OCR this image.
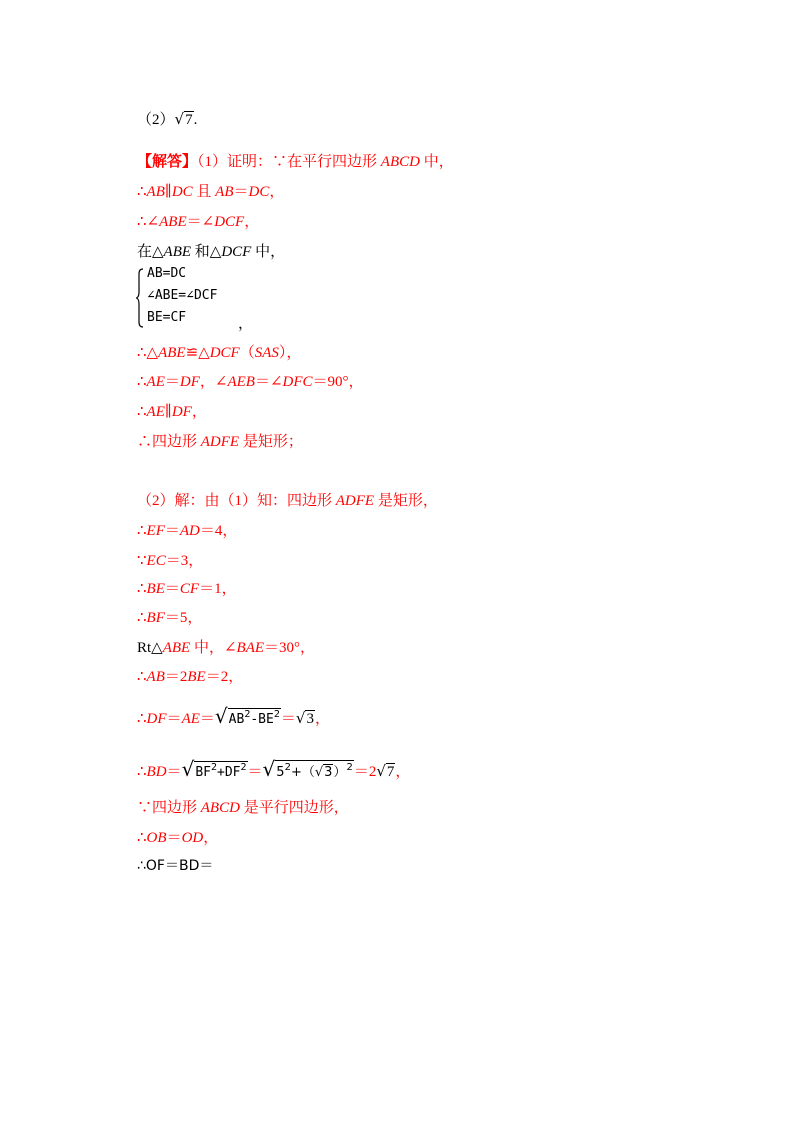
（2）√7.
【解答】（1）证明：∵在平行四边形 ABCD 中，
∴AB∥DC 且 AB＝DC，
∴∠ABE＝∠DCF，
在△ABE 和△DCF 中，
AB=DC
∠ABE=∠DCF
BE=CF	，
∴△ABE≌△DCF（SAS），
∴AE＝DF，∠AEB＝∠DFC＝90°，
∴AE∥DF，
∴四边形 ADFE 是矩形；
（2）解：由（1）知：四边形 ADFE 是矩形，
∴EF＝AD＝4，
∵EC＝3，
∴BE＝CF＝1，
∴BF＝5，
Rt△ABE 中，∠BAE＝30°，
∴AB＝2BE＝2，
$\therefore DF=AE=√AB^2-BE^2=√3$，
$\therefore BD=√BF^2+DF^2=√5^2+(√3)^2=2√7$，
∵四边形 ABCD 是平行四边形，
∴OB＝OD，
∴OF＝BD＝
